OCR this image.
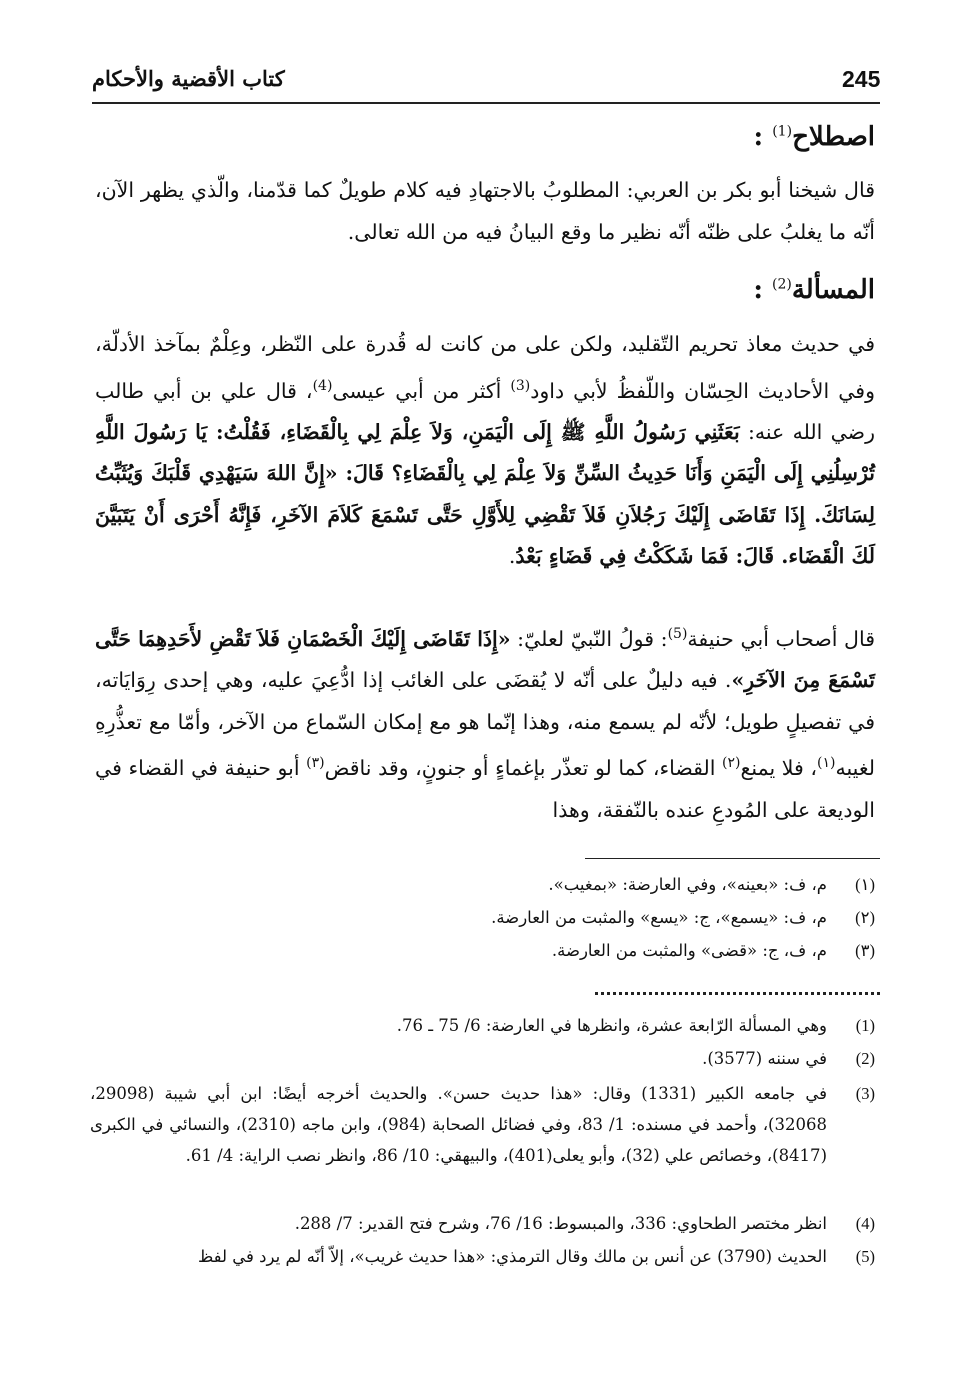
245
كتاب الأقضية والأحكام
اصطلاح$^{(1)}$ :
قال شيخنا أبو بكر بن العربي: المطلوبُ بالاجتهادِ فيه كلام طويلٌ كما قدّمنا، والّذي يظهر الآن، أنّه ما يغلبُ على ظنّه أنّه نظير ما وقع البيانُ فيه من الله تعالى.
المسألة$^{(2)}$ :
في حديث معاذ تحريم التّقليد، ولكن على من كانت له قُدرة على النّظر، وعِلْمٌ بمآخذ الأدلّة، وفي الأحاديث الحِسّان واللّفظُ لأبي داود$^{(3)}$ أكثر من أبي عيسى$^{(4)}$، قال علي بن أبي طالب رضي الله عنه: بَعَثَنِي رَسُولُ اللَّهِ ﷺ إِلَى الْيَمَنِ، وَلاَ عِلْمَ لِي بِالْقَضَاءِ، فَقُلْتُ: يَا رَسُولَ اللَّهِ تُرْسِلُنِي إِلَى الْيَمَنِ وَأَنَا حَدِيثُ السِّنِّ وَلاَ عِلْمَ لِي بِالْقَضَاءِ؟ قَالَ: «إِنَّ اللهَ سَيَهْدِي قَلْبَكَ وَيُثَبِّتُ لِسَانَكَ. إِذَا تَقَاضَى إِلَيْكَ رَجُلاَنِ فَلاَ تَقْضِي لِلأَوَّلِ حَتَّى تَسْمَعَ كَلاَمَ الآخَرِ، فَإِنَّهُ أَحْرَى أَنْ يَتَبَيَّنَ لَكَ الْقَضَاء. قَالَ: فَمَا شَكَكْتُ فِي قَضَاءٍ بَعْدُ.
قال أصحاب أبي حنيفة$^{(5)}$: قولُ النّبيّ لعليّ: «إِذَا تَقَاضَى إِلَيْكَ الْخَصْمَانِ فَلاَ تَقْضِ لأَحَدِهِمَا حَتَّى تَسْمَعَ مِنَ الآخَرِ». فيه دليلٌ على أنّه لا يُقضَى على الغائب إذا ادُّعِيَ عليه، وهي إحدى رِوَايَاته، في تفصيلٍ طويل؛ لأنّه لم يسمع منه، وهذا إنّما هو مع إمكان السّماع من الآخر، وأمّا مع تعذُّرِهِ لغيبه$^{(١)}$، فلا يمنع$^{(٢)}$ القضاء، كما لو تعذّر بإغماءٍ أو جنونٍ، وقد ناقض$^{(٣)}$ أبو حنيفة في القضاء في الوديعة على المُودعِ عنده بالنّفقة، وهذا
(١)
م، ف: «بعينه»، وفي العارضة: «بمغيب».
(٢)
م، ف: «يسمع»، ج: «يسع» والمثبت من العارضة.
(٣)
م، ف، ج: «قضى» والمثبت من العارضة.
(1)
وهي المسألة الرّابعة عشرة، وانظرها في العارضة: 6/ 75 ـ 76.
(2)
في سننه (3577).
(3)
في جامعه الكبير (1331) وقال: «هذا حديث حسن». والحديث أخرجه أيضًا: ابن أبي شيبة (29098، 32068)، وأحمد في مسنده: 1/ 83، وفي فضائل الصحابة (984)، وابن ماجه (2310)، والنسائي في الكبرى (8417)، وخصائص علي (32)، وأبو يعلى(401)، والبيهقي: 10/ 86، وانظر نصب الراية: 4/ 61.
(4)
انظر مختصر الطحاوي: 336، والمبسوط: 16/ 76، وشرح فتح القدير: 7/ 288.
(5)
الحديث (3790) عن أنس بن مالك وقال الترمذي: «هذا حديث غريب»، إلاّ أنّه لم يرد في لفظ
